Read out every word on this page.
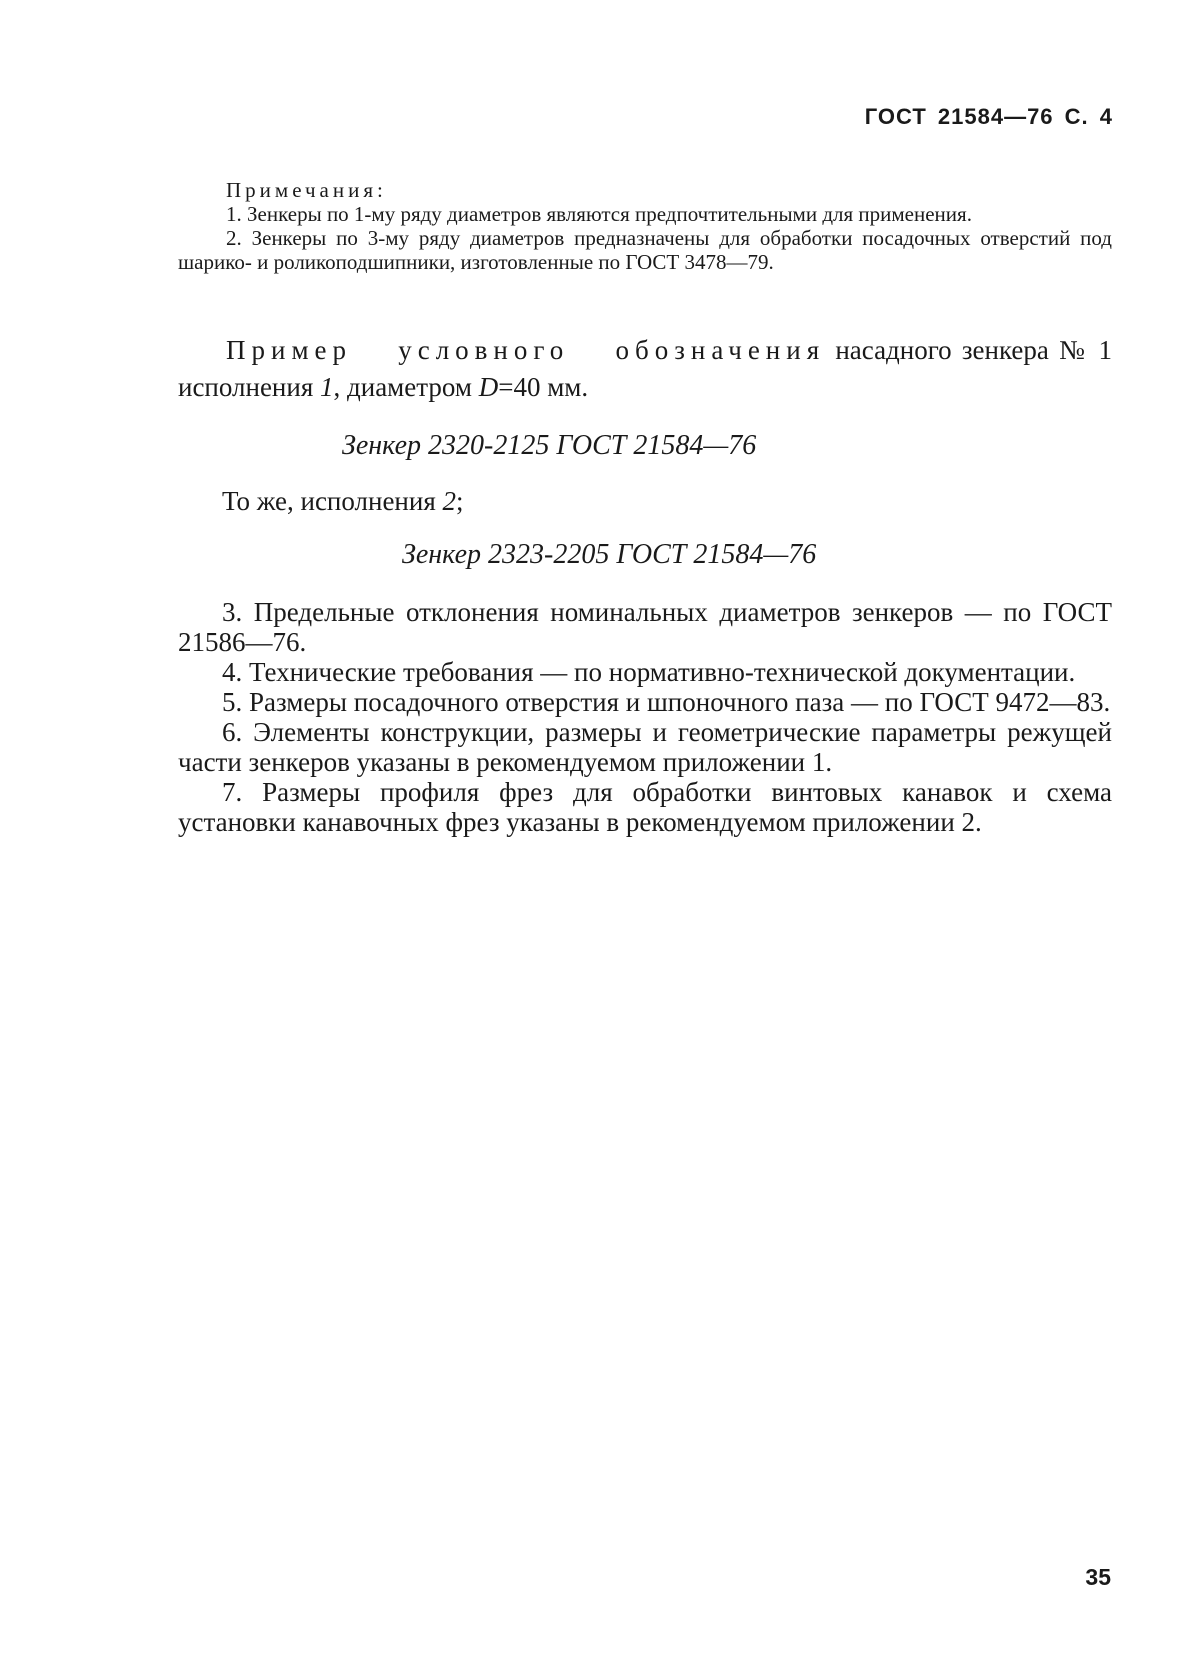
ГОСТ 21584—76 С. 4
Примечания:
1. Зенкеры по 1-му ряду диаметров являются предпочтительными для применения.
2. Зенкеры по 3-му ряду диаметров предназначены для обработки посадочных отверстий под шарико- и роликоподшипники, изготовленные по ГОСТ 3478—79.
Пример условного обозначения насадного зенкера № 1 исполнения 1, диаметром D=40 мм.
Зенкер 2320-2125 ГОСТ 21584—76
То же, исполнения 2;
Зенкер 2323-2205 ГОСТ 21584—76
3. Предельные отклонения номинальных диаметров зенкеров — по ГОСТ 21586—76.
4. Технические требования — по нормативно-технической документации.
5. Размеры посадочного отверстия и шпоночного паза — по ГОСТ 9472—83.
6. Элементы конструкции, размеры и геометрические параметры режущей части зенкеров указаны в рекомендуемом приложении 1.
7. Размеры профиля фрез для обработки винтовых канавок и схема установки канавочных фрез указаны в рекомендуемом приложении 2.
35
